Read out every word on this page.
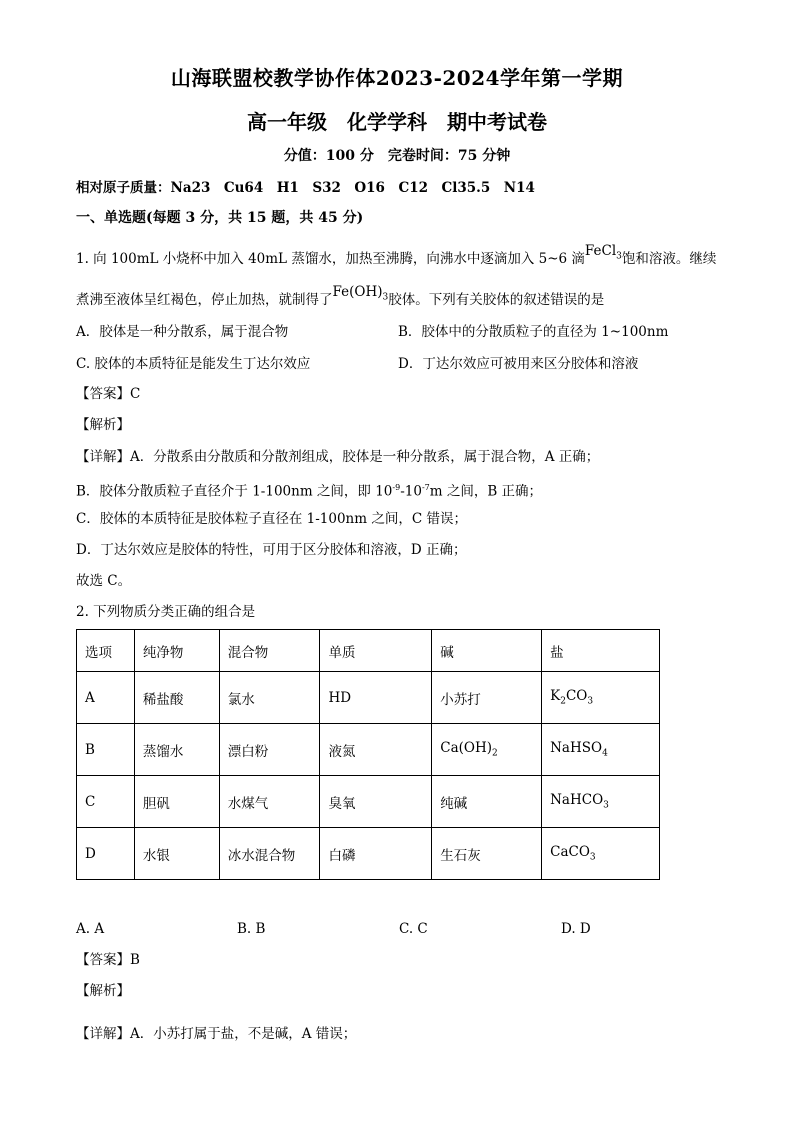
山海联盟校教学协作体2023-2024学年第一学期
高一年级　化学学科　期中考试卷
分值：100 分　完卷时间：75 分钟
相对原子质量：Na23　Cu64　H1　S32　O16　C12　Cl35.5　N14
一、单选题(每题 3 分，共 15 题，共 45 分)
1. 向 100mL 小烧杯中加入 40mL 蒸馏水，加热至沸腾，向沸水中逐滴加入 5~6 滴FeCl$_3$饱和溶液。继续
煮沸至液体呈红褐色，停止加热，就制得了$Fe(OH)_3$胶体。下列有关胶体的叙述错误的是
A．胶体是一种分散系，属于混合物	B．胶体中的分散质粒子的直径为 1~100nm
C. 胶体的本质特征是能发生丁达尔效应	D．丁达尔效应可被用来区分胶体和溶液
【答案】C
【解析】
【详解】A．分散系由分散质和分散剂组成，胶体是一种分散系，属于混合物，A 正确；
B．胶体分散质粒子直径介于 1-100nm 之间，即 $10^{-9}-10^{-7}m$ 之间，B 正确；
C．胶体的本质特征是胶体粒子直径在 1-100nm 之间，C 错误；
D．丁达尔效应是胶体的特性，可用于区分胶体和溶液，D 正确；
故选 C。
2. 下列物质分类正确的组合是
选项	纯净物	混合物	单质	碱	盐
A	稀盐酸	氯水	HD	小苏打	$K_2CO_3$
B	蒸馏水	漂白粉	液氮	$Ca(OH)_2$	NaHSO$_4$
C	胆矾	水煤气	臭氧	纯碱	NaHCO$_3$
D	水银	冰水混合物	白磷	生石灰	CaCO$_3$
A. A	B. B	C. C	D. D
【答案】B
【解析】
【详解】A．小苏打属于盐，不是碱，A 错误；
